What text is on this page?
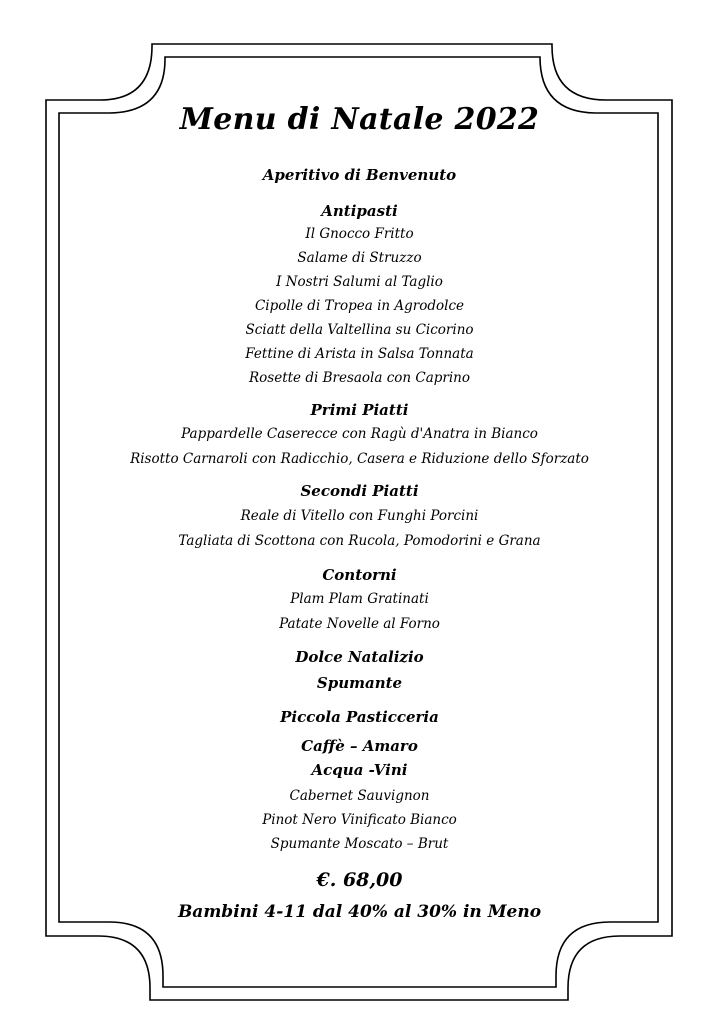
Menu di Natale 2022
Aperitivo di Benvenuto
Antipasti
Il Gnocco Fritto
Salame di Struzzo
I Nostri Salumi al Taglio
Cipolle di Tropea in Agrodolce
Sciatt della Valtellina su Cicorino
Fettine di Arista in Salsa Tonnata
Rosette di Bresaola con Caprino
Primi Piatti
Pappardelle Caserecce con Ragù d'Anatra in Bianco
Risotto Carnaroli con Radicchio, Casera e Riduzione dello Sforzato
Secondi Piatti
Reale di Vitello con Funghi Porcini
Tagliata di Scottona con Rucola, Pomodorini e Grana
Contorni
Plam Plam Gratinati
Patate Novelle al Forno
Dolce Natalizio
Spumante
Piccola Pasticceria
Caffè – Amaro
Acqua -Vini
Cabernet Sauvignon
Pinot Nero Vinificato Bianco
Spumante Moscato – Brut
€. 68,00
Bambini 4-11 dal 40% al 30% in Meno
